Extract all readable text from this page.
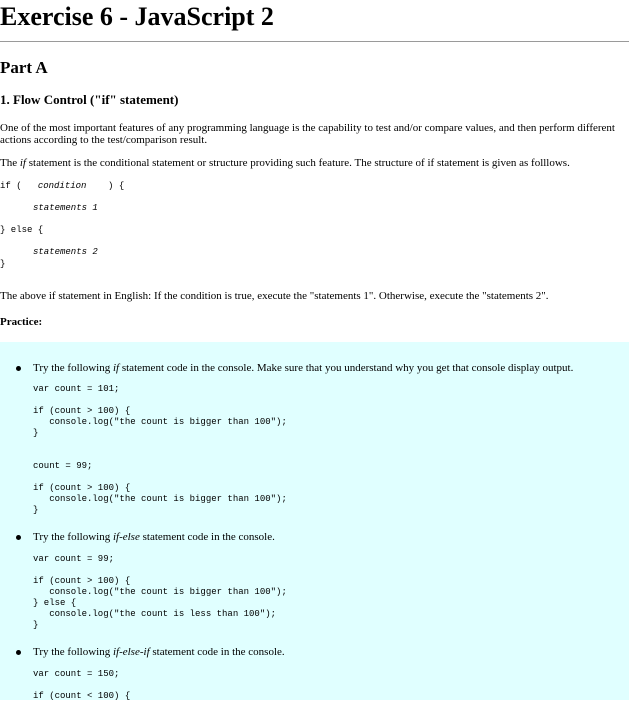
Exercise 6 - JavaScript 2
Part A
1. Flow Control ("if" statement)

One of the most important features of any programming language is the capability to test and/or compare values, and then perform different actions according to the test/comparison result.

The if statement is the conditional statement or structure providing such feature. The structure of if statement is given as folllows.

if ( condition ) {
statements 1
} else {
statements 2
}

The above if statement in English: If the condition is true, execute the "statements 1". Otherwise, execute the "statements 2".

Practice:

Try the following if statement code in the console. Make sure that you understand why you get that console display output.

var count = 101;
if (count > 100) {
console.log("the count is bigger than 100");
}
count = 99;
if (count > 100) {
console.log("the count is bigger than 100");
}

Try the following if-else statement code in the console.

var count = 99;
if (count > 100) {
console.log("the count is bigger than 100");
} else {
console.log("the count is less than 100");
}

Try the following if-else-if statement code in the console.

var count = 150;
if (count < 100) {
